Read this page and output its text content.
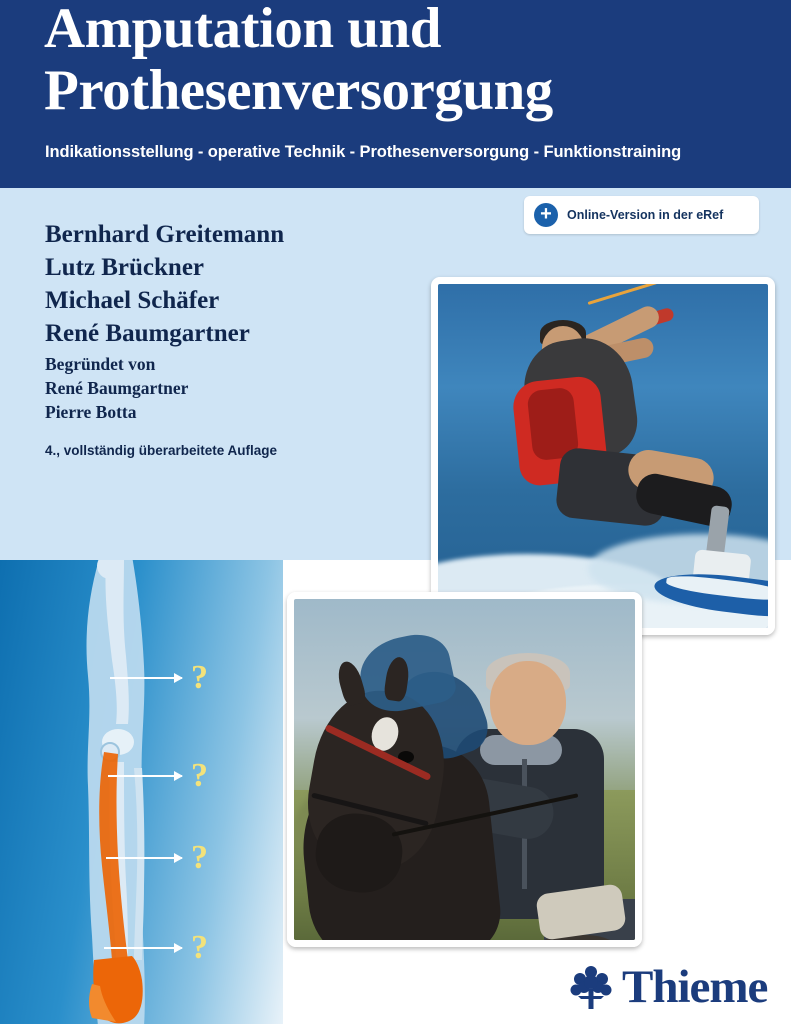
Amputation und
Prothesenversorgung
Indikationsstellung - operative Technik - Prothesenversorgung - Funktionstraining
+	Online-Version in der eRef
Bernhard Greitemann
Lutz Brückner
Michael Schäfer
René Baumgartner
Begründet von
René Baumgartner
Pierre Botta
4., vollständig überarbeitete Auflage
?
?
?
?
Thieme
